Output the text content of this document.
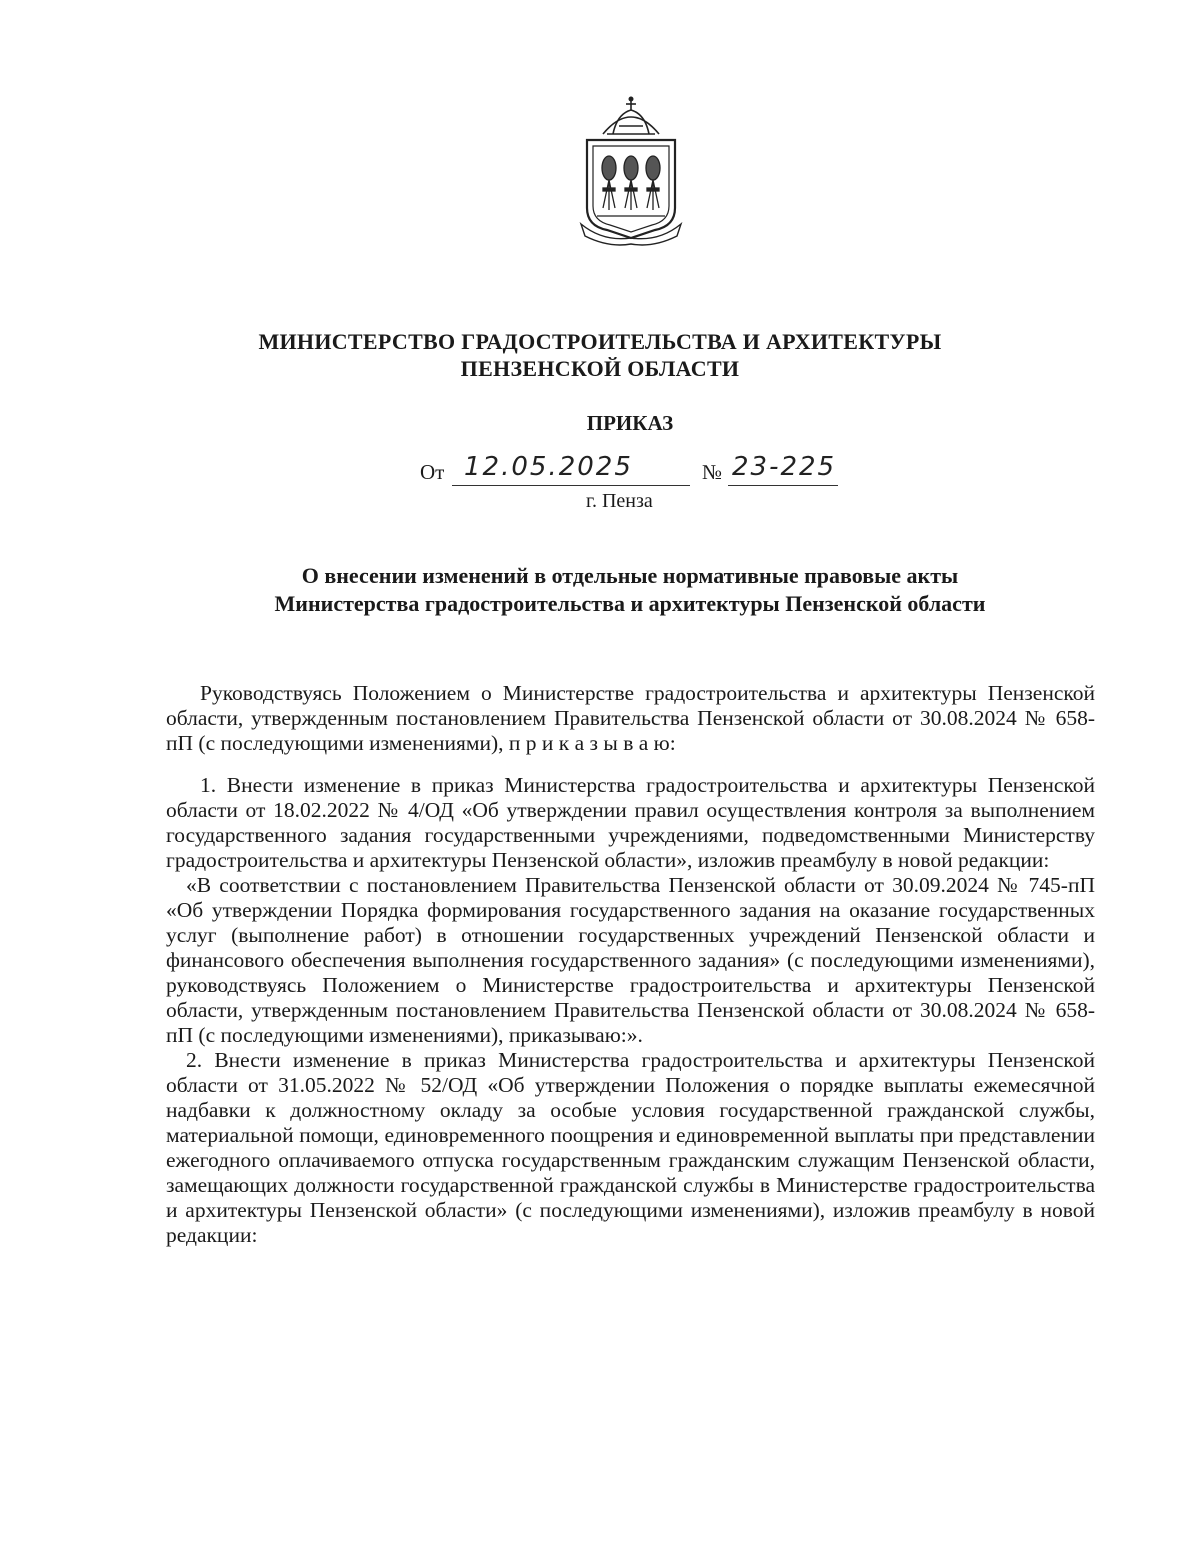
МИНИСТЕРСТВО ГРАДОСТРОИТЕЛЬСТВА И АРХИТЕКТУРЫ
ПЕНЗЕНСКОЙ ОБЛАСТИ
ПРИКАЗ
От 12.05.2025	№ 23-225
г. Пенза
О внесении изменений в отдельные нормативные правовые акты
Министерства градостроительства и архитектуры Пензенской области
Руководствуясь Положением о Министерстве градостроительства и архитектуры Пензенской области, утвержденным постановлением Правительства Пензенской области от 30.08.2024 № 658-пП (с последующими изменениями), п р и к а з ы в а ю:
1. Внести изменение в приказ Министерства градостроительства и архитектуры Пензенской области от 18.02.2022 № 4/ОД «Об утверждении правил осуществления контроля за выполнением государственного задания государственными учреждениями, подведомственными Министерству градостроительства и архитектуры Пензенской области», изложив преамбулу в новой редакции:
«В соответствии с постановлением Правительства Пензенской области от 30.09.2024 № 745-пП «Об утверждении Порядка формирования государственного задания на оказание государственных услуг (выполнение работ) в отношении государственных учреждений Пензенской области и финансового обеспечения выполнения государственного задания» (с последующими изменениями), руководствуясь Положением о Министерстве градостроительства и архитектуры Пензенской области, утвержденным постановлением Правительства Пензенской области от 30.08.2024 № 658-пП (с последующими изменениями), приказываю:».
2. Внести изменение в приказ Министерства градостроительства и архитектуры Пензенской области от 31.05.2022 № 52/ОД «Об утверждении Положения о порядке выплаты ежемесячной надбавки к должностному окладу за особые условия государственной гражданской службы, материальной помощи, единовременного поощрения и единовременной выплаты при представлении ежегодного оплачиваемого отпуска государственным гражданским служащим Пензенской области, замещающих должности государственной гражданской службы в Министерстве градостроительства и архитектуры Пензенской области» (с последующими изменениями), изложив преамбулу в новой редакции:
